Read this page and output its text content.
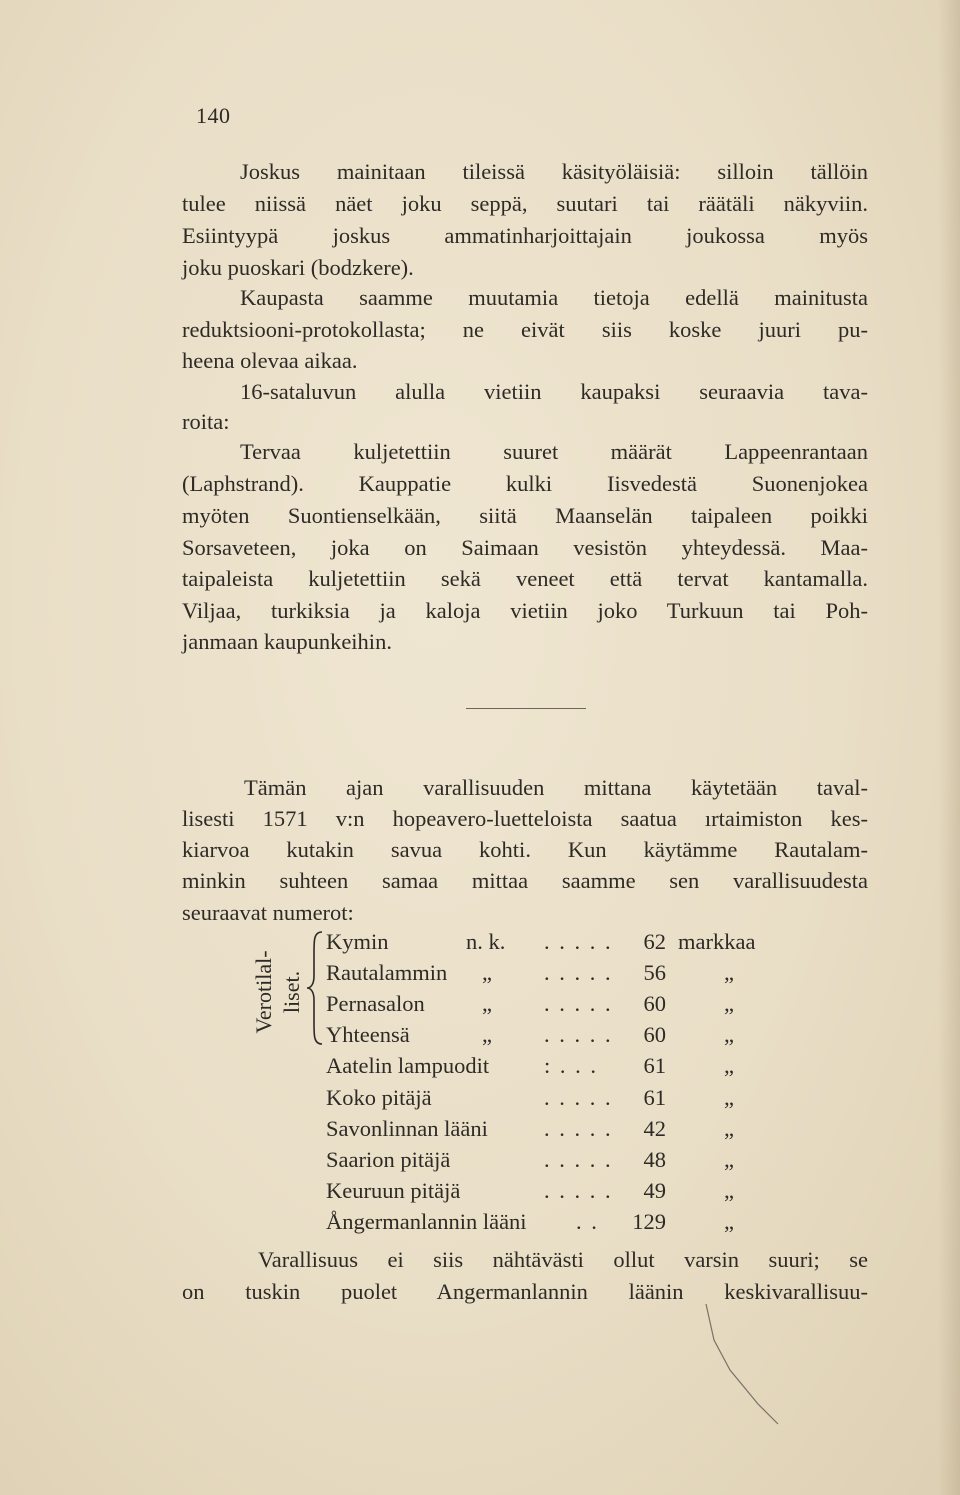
140
Joskus mainitaan tileissä käsityöläisiä: silloin tällöin
tulee niissä näet joku seppä, suutari tai räätäli näkyviin.
Esiintyypä joskus ammatinharjoittajain joukossa myös
joku puoskari (bodzkere).
Kaupasta saamme muutamia tietoja edellä mainitusta
reduktsiooni-protokollasta; ne eivät siis koske juuri pu-
heena olevaa aikaa.
16-sataluvun alulla vietiin kaupaksi seuraavia tava-
roita:
Tervaa kuljetettiin suuret määrät Lappeenrantaan
(Laphstrand). Kauppatie kulki Iisvedestä Suonenjokea
myöten Suontienselkään, siitä Maanselän taipaleen poikki
Sorsaveteen, joka on Saimaan vesistön yhteydessä. Maa-
taipaleista kuljetettiin sekä veneet että tervat kantamalla.
Viljaa, turkiksia ja kaloja vietiin joko Turkuun tai Poh-
janmaan kaupunkeihin.
Tämän ajan varallisuuden mittana käytetään taval-
lisesti 1571 v:n hopeavero-luetteloista saatua ırtaimiston kes-
kiarvoa kutakin savua kohti. Kun käytämme Rautalam-
minkin suhteen samaa mittaa saamme sen varallisuudesta
seuraavat numerot:
Verotilal- liset.
Kymin	n. k. . . . . .	62 markkaa
Rautalammin „ . . . . .	56	„
Pernasalon	„ . . . . .	60	„
Yhteensä	„ . . . . .	60	„
Aatelin lampuodit : . . .	61	„
Koko pitäjä	. . . . .	61	„
Savonlinnan lääni . . . . .	42	„
Saarion pitäjä	. . . . .	48	„
Keuruun pitäjä	. . . . .	49	„
Ångermanlannin lääni . .	129	„
Varallisuus ei siis nähtävästi ollut varsin suuri; se
on tuskin puolet Angermanlannin läänin keskivarallisuu-
